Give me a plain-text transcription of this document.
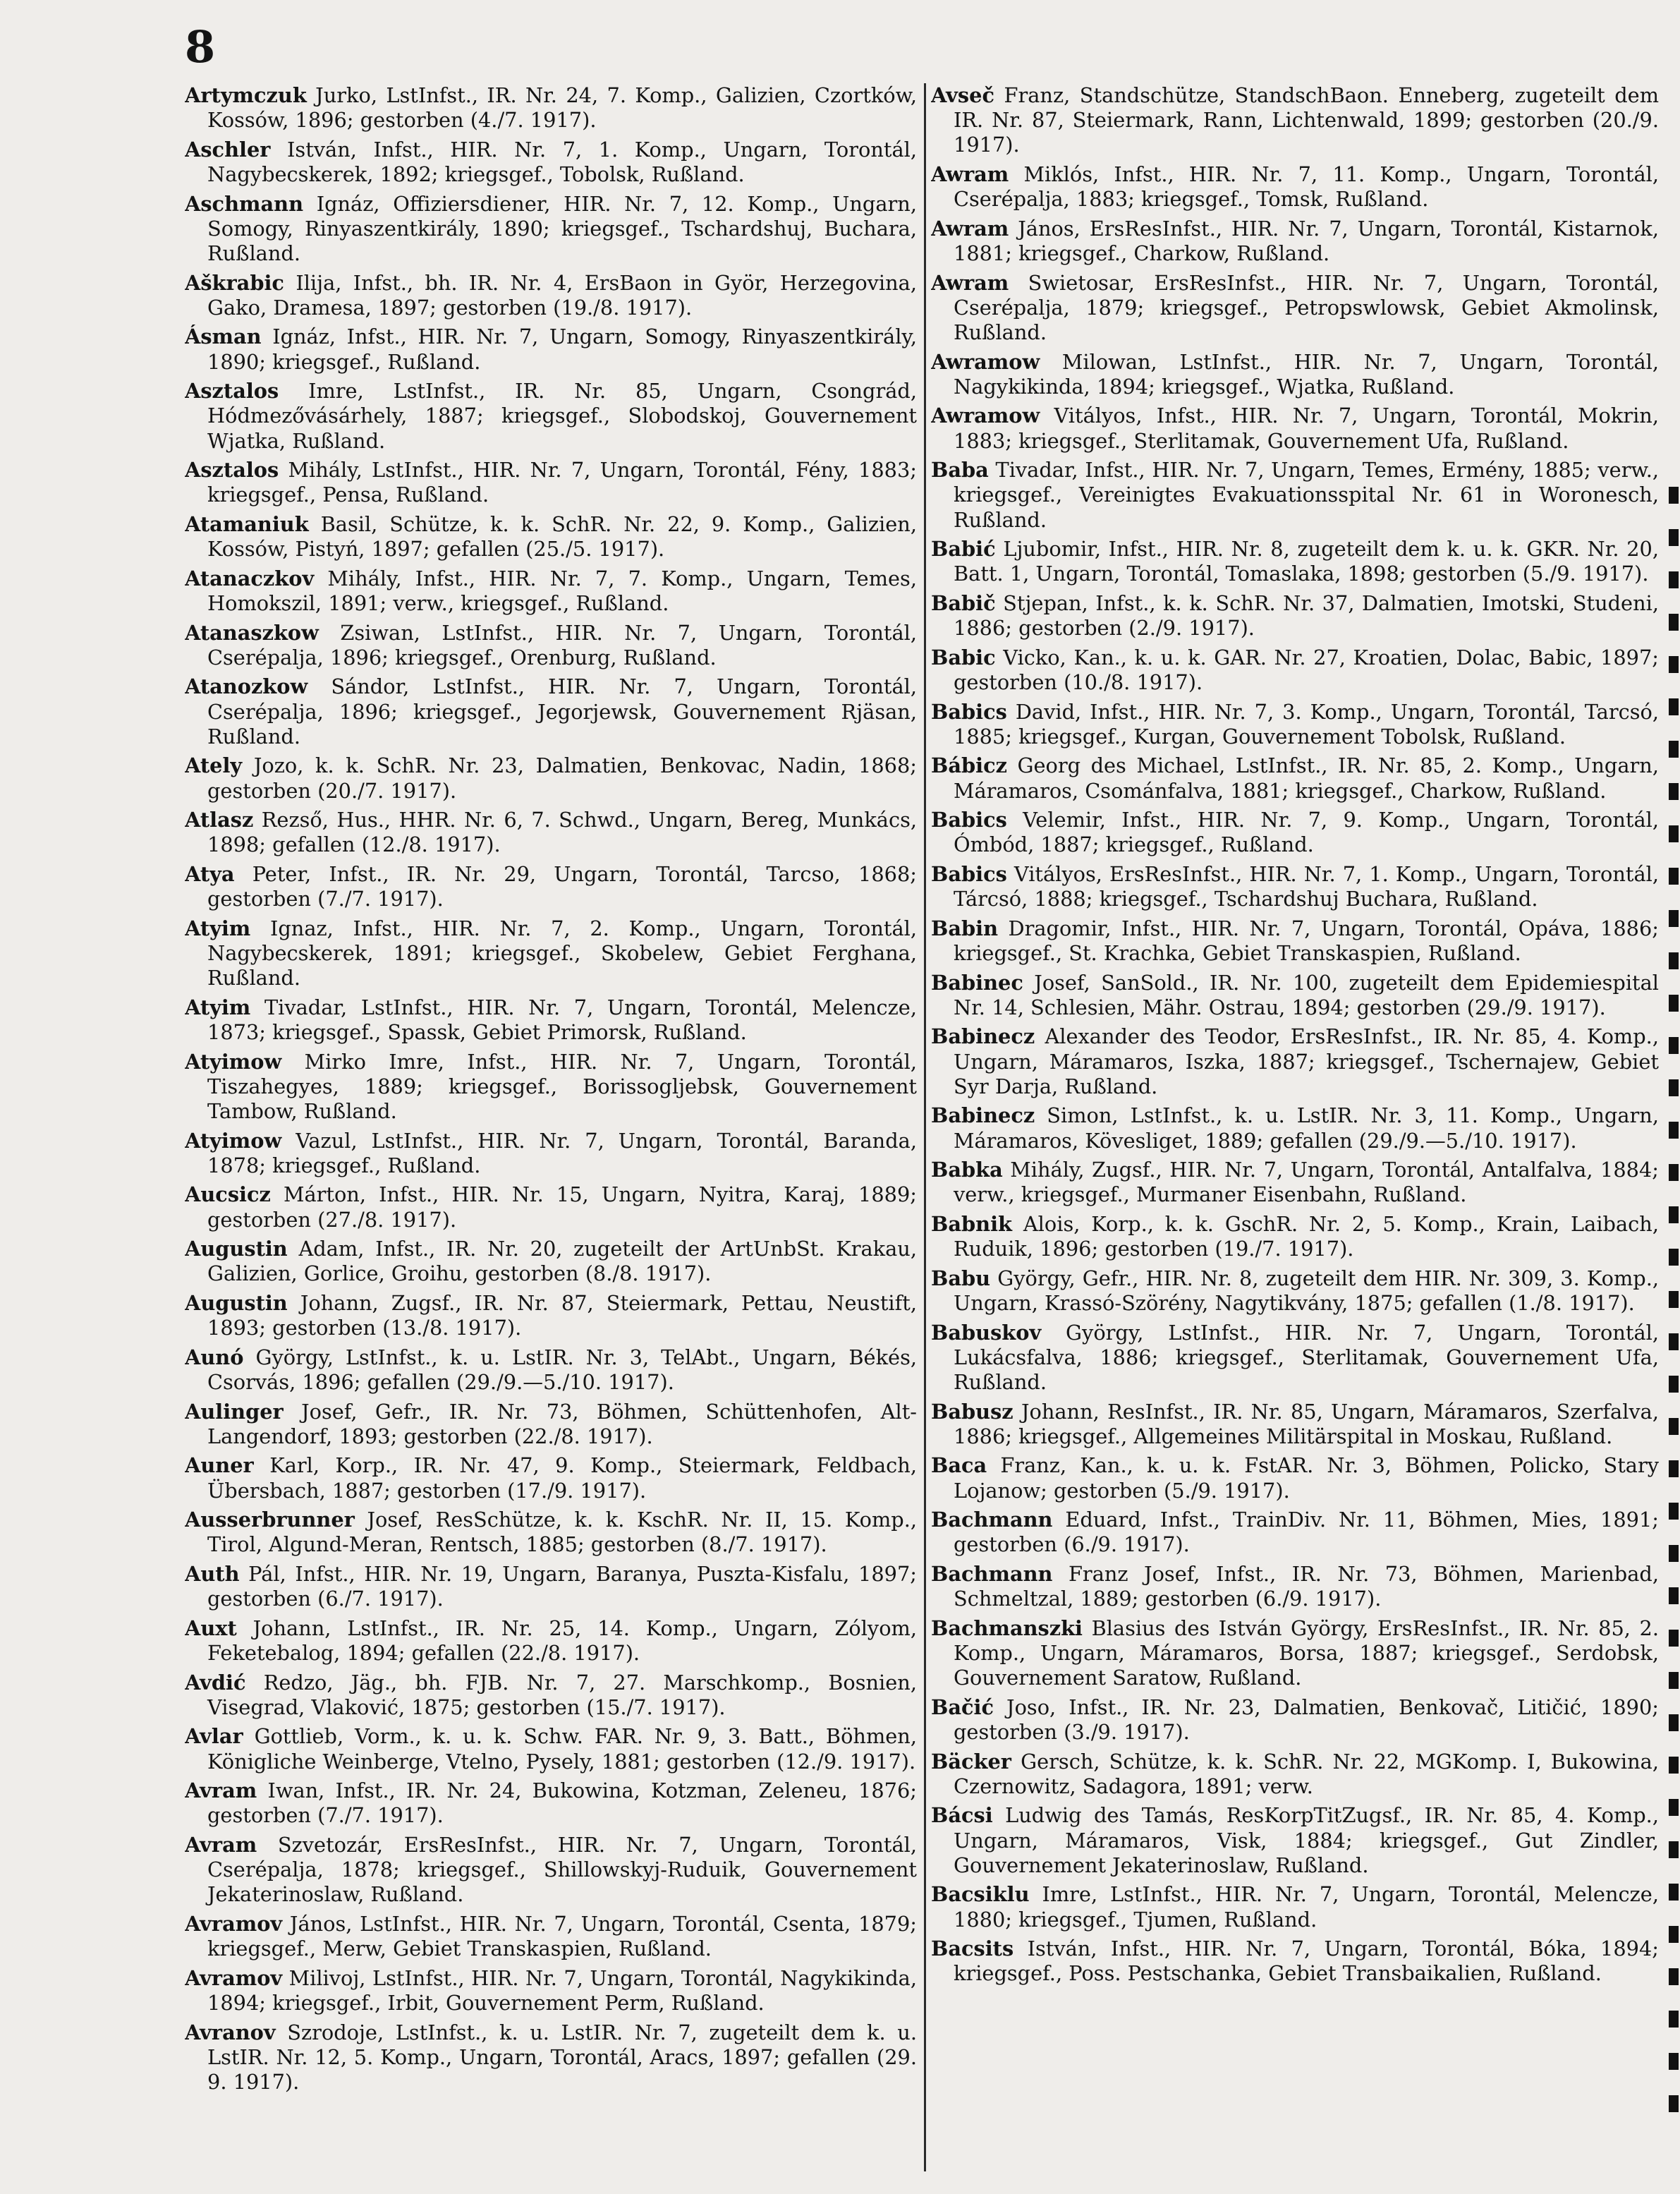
8

Artymczuk Jurko, LstInfst., IR. Nr. 24, 7. Komp., Galizien, Czortków, Kossów, 1896; gestorben (4./7. 1917).

Aschler István, Infst., HIR. Nr. 7, 1. Komp., Ungarn, Torontál, Nagybecskerek, 1892; kriegsgef., Tobolsk, Rußland.

Aschmann Ignáz, Offiziersdiener, HIR. Nr. 7, 12. Komp., Ungarn, Somogy, Rinyaszentkirály, 1890; kriegsgef., Tschardshuj, Buchara, Rußland.

Aškrabic Ilija, Infst., bh. IR. Nr. 4, ErsBaon in Györ, Herzegovina, Gako, Dramesa, 1897; gestorben (19./8. 1917).

Ásman Ignáz, Infst., HIR. Nr. 7, Ungarn, Somogy, Rinyaszentkirály, 1890; kriegsgef., Rußland.

Asztalos Imre, LstInfst., IR. Nr. 85, Ungarn, Csongrád, Hódmezővásárhely, 1887; kriegsgef., Slobodskoj, Gouvernement Wjatka, Rußland.

Asztalos Mihály, LstInfst., HIR. Nr. 7, Ungarn, Torontál, Fény, 1883; kriegsgef., Pensa, Rußland.

Atamaniuk Basil, Schütze, k. k. SchR. Nr. 22, 9. Komp., Galizien, Kossów, Pistyń, 1897; gefallen (25./5. 1917).

Atanaczkov Mihály, Infst., HIR. Nr. 7, 7. Komp., Ungarn, Temes, Homokszil, 1891; verw., kriegsgef., Rußland.

Atanaszkow Zsiwan, LstInfst., HIR. Nr. 7, Ungarn, Torontál, Cserépalja, 1896; kriegsgef., Orenburg, Rußland.

Atanozkow Sándor, LstInfst., HIR. Nr. 7, Ungarn, Torontál, Cserépalja, 1896; kriegsgef., Jegorjewsk, Gouvernement Rjäsan, Rußland.

Ately Jozo, k. k. SchR. Nr. 23, Dalmatien, Benkovac, Nadin, 1868; gestorben (20./7. 1917).

Atlasz Rezső, Hus., HHR. Nr. 6, 7. Schwd., Ungarn, Bereg, Munkács, 1898; gefallen (12./8. 1917).

Atya Peter, Infst., IR. Nr. 29, Ungarn, Torontál, Tarcso, 1868; gestorben (7./7. 1917).

Atyim Ignaz, Infst., HIR. Nr. 7, 2. Komp., Ungarn, Torontál, Nagybecskerek, 1891; kriegsgef., Skobelew, Gebiet Ferghana, Rußland.

Atyim Tivadar, LstInfst., HIR. Nr. 7, Ungarn, Torontál, Melencze, 1873; kriegsgef., Spassk, Gebiet Primorsk, Rußland.

Atyimow Mirko Imre, Infst., HIR. Nr. 7, Ungarn, Torontál, Tiszahegyes, 1889; kriegsgef., Borissogljebsk, Gouvernement Tambow, Rußland.

Atyimow Vazul, LstInfst., HIR. Nr. 7, Ungarn, Torontál, Baranda, 1878; kriegsgef., Rußland.

Aucsicz Márton, Infst., HIR. Nr. 15, Ungarn, Nyitra, Karaj, 1889; gestorben (27./8. 1917).

Augustin Adam, Infst., IR. Nr. 20, zugeteilt der ArtUnbSt. Krakau, Galizien, Gorlice, Groihu, gestorben (8./8. 1917).

Augustin Johann, Zugsf., IR. Nr. 87, Steiermark, Pettau, Neustift, 1893; gestorben (13./8. 1917).

Aunó György, LstInfst., k. u. LstIR. Nr. 3, TelAbt., Ungarn, Békés, Csorvás, 1896; gefallen (29./9.—5./10. 1917).

Aulinger Josef, Gefr., IR. Nr. 73, Böhmen, Schüttenhofen, Alt-Langendorf, 1893; gestorben (22./8. 1917).

Auner Karl, Korp., IR. Nr. 47, 9. Komp., Steiermark, Feldbach, Übersbach, 1887; gestorben (17./9. 1917).

Ausserbrunner Josef, ResSchütze, k. k. KschR. Nr. II, 15. Komp., Tirol, Algund-Meran, Rentsch, 1885; gestorben (8./7. 1917).

Auth Pál, Infst., HIR. Nr. 19, Ungarn, Baranya, Puszta-Kisfalu, 1897; gestorben (6./7. 1917).

Auxt Johann, LstInfst., IR. Nr. 25, 14. Komp., Ungarn, Zólyom, Feketebalog, 1894; gefallen (22./8. 1917).

Avdić Redzo, Jäg., bh. FJB. Nr. 7, 27. Marschkomp., Bosnien, Visegrad, Vlaković, 1875; gestorben (15./7. 1917).

Avlar Gottlieb, Vorm., k. u. k. Schw. FAR. Nr. 9, 3. Batt., Böhmen, Königliche Weinberge, Vtelno, Pysely, 1881; gestorben (12./9. 1917).

Avram Iwan, Infst., IR. Nr. 24, Bukowina, Kotzman, Zeleneu, 1876; gestorben (7./7. 1917).

Avram Szvetozár, ErsResInfst., HIR. Nr. 7, Ungarn, Torontál, Cserépalja, 1878; kriegsgef., Shillowskyj-Ruduik, Gouvernement Jekaterinoslaw, Rußland.

Avramov János, LstInfst., HIR. Nr. 7, Ungarn, Torontál, Csenta, 1879; kriegsgef., Merw, Gebiet Transkaspien, Rußland.

Avramov Milivoj, LstInfst., HIR. Nr. 7, Ungarn, Torontál, Nagykikinda, 1894; kriegsgef., Irbit, Gouvernement Perm, Rußland.

Avranov Szrodoje, LstInfst., k. u. LstIR. Nr. 7, zugeteilt dem k. u. LstIR. Nr. 12, 5. Komp., Ungarn, Torontál, Aracs, 1897; gefallen (29. 9. 1917).

Avseč Franz, Standschütze, StandschBaon. Enneberg, zugeteilt dem IR. Nr. 87, Steiermark, Rann, Lichtenwald, 1899; gestorben (20./9. 1917).

Awram Miklós, Infst., HIR. Nr. 7, 11. Komp., Ungarn, Torontál, Cserépalja, 1883; kriegsgef., Tomsk, Rußland.

Awram János, ErsResInfst., HIR. Nr. 7, Ungarn, Torontál, Kistarnok, 1881; kriegsgef., Charkow, Rußland.

Awram Swietosar, ErsResInfst., HIR. Nr. 7, Ungarn, Torontál, Cserépalja, 1879; kriegsgef., Petropswlowsk, Gebiet Akmolinsk, Rußland.

Awramow Milowan, LstInfst., HIR. Nr. 7, Ungarn, Torontál, Nagykikinda, 1894; kriegsgef., Wjatka, Rußland.

Awramow Vitályos, Infst., HIR. Nr. 7, Ungarn, Torontál, Mokrin, 1883; kriegsgef., Sterlitamak, Gouvernement Ufa, Rußland.

Baba Tivadar, Infst., HIR. Nr. 7, Ungarn, Temes, Ermény, 1885; verw., kriegsgef., Vereinigtes Evakuationsspital Nr. 61 in Woronesch, Rußland.

Babić Ljubomir, Infst., HIR. Nr. 8, zugeteilt dem k. u. k. GKR. Nr. 20, Batt. 1, Ungarn, Torontál, Tomaslaka, 1898; gestorben (5./9. 1917).

Babič Stjepan, Infst., k. k. SchR. Nr. 37, Dalmatien, Imotski, Studeni, 1886; gestorben (2./9. 1917).

Babic Vicko, Kan., k. u. k. GAR. Nr. 27, Kroatien, Dolac, Babic, 1897; gestorben (10./8. 1917).

Babics David, Infst., HIR. Nr. 7, 3. Komp., Ungarn, Torontál, Tarcsó, 1885; kriegsgef., Kurgan, Gouvernement Tobolsk, Rußland.

Bábicz Georg des Michael, LstInfst., IR. Nr. 85, 2. Komp., Ungarn, Máramaros, Csománfalva, 1881; kriegsgef., Charkow, Rußland.

Babics Velemir, Infst., HIR. Nr. 7, 9. Komp., Ungarn, Torontál, Ómbód, 1887; kriegsgef., Rußland.

Babics Vitályos, ErsResInfst., HIR. Nr. 7, 1. Komp., Ungarn, Torontál, Tárcsó, 1888; kriegsgef., Tschardshuj Buchara, Rußland.

Babin Dragomir, Infst., HIR. Nr. 7, Ungarn, Torontál, Opáva, 1886; kriegsgef., St. Krachka, Gebiet Transkaspien, Rußland.

Babinec Josef, SanSold., IR. Nr. 100, zugeteilt dem Epidemiespital Nr. 14, Schlesien, Mähr. Ostrau, 1894; gestorben (29./9. 1917).

Babinecz Alexander des Teodor, ErsResInfst., IR. Nr. 85, 4. Komp., Ungarn, Máramaros, Iszka, 1887; kriegsgef., Tschernajew, Gebiet Syr Darja, Rußland.

Babinecz Simon, LstInfst., k. u. LstIR. Nr. 3, 11. Komp., Ungarn, Máramaros, Kövesliget, 1889; gefallen (29./9.—5./10. 1917).

Babka Mihály, Zugsf., HIR. Nr. 7, Ungarn, Torontál, Antalfalva, 1884; verw., kriegsgef., Murmaner Eisenbahn, Rußland.

Babnik Alois, Korp., k. k. GschR. Nr. 2, 5. Komp., Krain, Laibach, Ruduik, 1896; gestorben (19./7. 1917).

Babu György, Gefr., HIR. Nr. 8, zugeteilt dem HIR. Nr. 309, 3. Komp., Ungarn, Krassó-Szörény, Nagytikvány, 1875; gefallen (1./8. 1917).

Babuskov György, LstInfst., HIR. Nr. 7, Ungarn, Torontál, Lukácsfalva, 1886; kriegsgef., Sterlitamak, Gouvernement Ufa, Rußland.

Babusz Johann, ResInfst., IR. Nr. 85, Ungarn, Máramaros, Szerfalva, 1886; kriegsgef., Allgemeines Militärspital in Moskau, Rußland.

Baca Franz, Kan., k. u. k. FstAR. Nr. 3, Böhmen, Policko, Stary Lojanow; gestorben (5./9. 1917).

Bachmann Eduard, Infst., TrainDiv. Nr. 11, Böhmen, Mies, 1891; gestorben (6./9. 1917).

Bachmann Franz Josef, Infst., IR. Nr. 73, Böhmen, Marienbad, Schmeltzal, 1889; gestorben (6./9. 1917).

Bachmanszki Blasius des István György, ErsResInfst., IR. Nr. 85, 2. Komp., Ungarn, Máramaros, Borsa, 1887; kriegsgef., Serdobsk, Gouvernement Saratow, Rußland.

Bačić Joso, Infst., IR. Nr. 23, Dalmatien, Benkovač, Litičić, 1890; gestorben (3./9. 1917).

Bäcker Gersch, Schütze, k. k. SchR. Nr. 22, MGKomp. I, Bukowina, Czernowitz, Sadagora, 1891; verw.

Bácsi Ludwig des Tamás, ResKorpTitZugsf., IR. Nr. 85, 4. Komp., Ungarn, Máramaros, Visk, 1884; kriegsgef., Gut Zindler, Gouvernement Jekaterinoslaw, Rußland.

Bacsiklu Imre, LstInfst., HIR. Nr. 7, Ungarn, Torontál, Melencze, 1880; kriegsgef., Tjumen, Rußland.

Bacsits István, Infst., HIR. Nr. 7, Ungarn, Torontál, Bóka, 1894; kriegsgef., Poss. Pestschanka, Gebiet Transbaikalien, Rußland.
